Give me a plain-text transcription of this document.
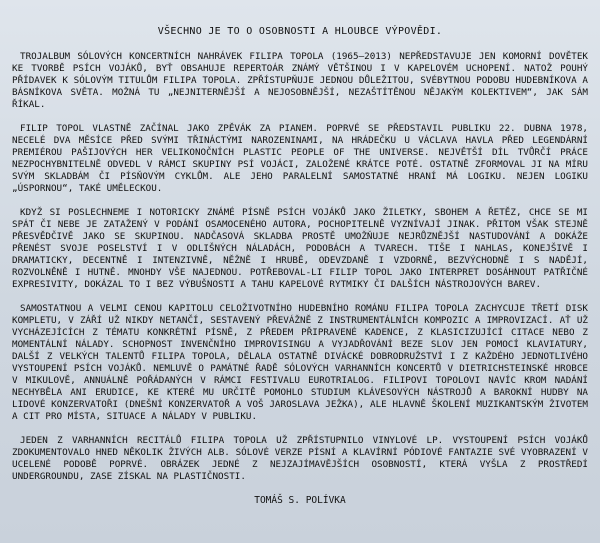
VŠECHNO JE TO O OSOBNOSTI A HLOUBCE VÝPOVĚDI.

TROJALBUM SÓLOVÝCH KONCERTNÍCH NAHRÁVEK FILIPA TOPOLA (1965–2013) NEPŘEDSTAVUJE JEN KOMORNÍ DOVĚTEK KE TVORBĚ PSÍCH VOJÁKŮ, BYŤ OBSAHUJE REPERTOÁR ZNÁMÝ VĚTŠINOU I V KAPELOVÉM UCHOPENÍ. NATOŽ POUHÝ PŘÍDAVEK K SÓLOVÝM TITULŮM FILIPA TOPOLA. ZPŘÍSTUPŇUJE JEDNOU DŮLEŽITOU, SVÉBYTNOU PODOBU HUDEBNÍKOVA A BÁSNÍKOVA SVĚTA. MOŽNÁ TU „NEJNITERNĚJŠÍ A NEJOSOBNĚJŠÍ, NEZAŠTÍTĚNOU NĚJAKÝM KOLEKTIVEM“, JAK SÁM ŘÍKAL.

FILIP TOPOL VLASTNĚ ZAČÍNAL JAKO ZPĚVÁK ZA PIANEM. POPRVÉ SE PŘEDSTAVIL PUBLIKU 22. DUBNA 1978, NECELÉ DVA MĚSÍCE PŘED SVÝMI TŘINÁCTÝMI NAROZENINAMI, NA HRÁDEČKU U VÁCLAVA HAVLA PŘED LEGENDÁRNÍ PREMIÉROU PAŠIJOVÝCH HER VELIKONOČNÍCH PLASTIC PEOPLE OF THE UNIVERSE. NEJVĚTŠÍ DÍL TVŮRČÍ PRÁCE NEZPOCHYBNITELNĚ ODVEDL V RÁMCI SKUPINY PSÍ VOJÁCI, ZALOŽENÉ KRÁTCE POTÉ. OSTATNĚ ZFORMOVAL JI NA MÍRU SVÝM SKLADBÁM ČI PÍSŇOVÝM CYKLŮM. ALE JEHO PARALELNÍ SAMOSTATNÉ HRANÍ MÁ LOGIKU. NEJEN LOGIKU „ÚSPORNOU“, TAKÉ UMĚLECKOU.

KDYŽ SI POSLECHNEME I NOTORICKY ZNÁMÉ PÍSNĚ PSÍCH VOJÁKŮ JAKO ŽILETKY, SBOHEM A ŘETĚZ, CHCE SE MI SPÁT ČI NEBE JE ZATAŽENÝ V PODÁNÍ OSAMOCENÉHO AUTORA, POCHOPITELNĚ VYZNÍVAJÍ JINAK. PŘITOM VŠAK STEJNĚ PŘESVĚDČIVĚ JAKO SE SKUPINOU. NADČASOVÁ SKLADBA PROSTĚ UMOŽŇUJE NEJRŮZNĚJŠÍ NASTUDOVÁNÍ A DOKÁŽE PŘENÉST SVOJE POSELSTVÍ I V ODLIŠNÝCH NÁLADÁCH, PODOBÁCH A TVARECH. TIŠE I NAHLAS, KONEJŠIVĚ I DRAMATICKY, DECENTNĚ I INTENZIVNĚ, NĚŽNĚ I HRUBĚ, ODEVZDANĚ I VZDORNĚ, BEZVÝCHODNĚ I S NADĚJÍ, ROZVOLNĚNĚ I HUTNĚ. MNOHDY VŠE NAJEDNOU. POTŘEBOVAL-LI FILIP TOPOL JAKO INTERPRET DOSÁHNOUT PATŘIČNÉ EXPRESIVITY, DOKÁZAL TO I BEZ VÝBUŠNOSTI A TAHU KAPELOVÉ RYTMIKY ČI DALŠÍCH NÁSTROJOVÝCH BAREV.

SAMOSTATNOU A VELMI CENOU KAPITOLU CELOŽIVOTNÍHO HUDEBNÍHO ROMÁNU FILIPA TOPOLA ZACHYCUJE TŘETÍ DISK KOMPLETU, V ZÁŘÍ UŽ NIKDY NETANČÍ, SESTAVENÝ PŘEVÁŽNĚ Z INSTRUMENTÁLNÍCH KOMPOZIC A IMPROVIZACÍ. AŤ UŽ VYCHÁZEJÍCÍCH Z TÉMATU KONKRÉTNÍ PÍSNĚ, Z PŘEDEM PŘIPRAVENÉ KADENCE, Z KLASICIZUJÍCÍ CITACE NEBO Z MOMENTÁLNÍ NÁLADY. SCHOPNOST INVENČNÍHO IMPROVISINGU A VYJADŘOVÁNÍ BEZE SLOV JEN POMOCÍ KLAVIATURY, DALŠÍ Z VELKÝCH TALENTŮ FILIPA TOPOLA, DĚLALA OSTATNĚ DIVÁCKÉ DOBRODRUŽSTVÍ I Z KAŽDÉHO JEDNOTLIVÉHO VYSTOUPENÍ PSÍCH VOJÁKŮ. NEMLUVĚ O PAMÁTNÉ ŘADĚ SÓLOVÝCH VARHANNÍCH KONCERTŮ V DIETRICHSTEINSKÉ HROBCE V MIKULOVĚ, ANNUÁLNĚ POŘÁDANÝCH V RÁMCI FESTIVALU EUROTRIALOG. FILIPOVI TOPOLOVI NAVÍC KROM NADÁNÍ NECHYBĚLA ANI ERUDICE, KE KTERÉ MU URČITĚ POMOHLO STUDIUM KLÁVESOVÝCH NÁSTROJŮ A BAROKNÍ HUDBY NA LIDOVÉ KONZERVATOŘI (DNEŠNÍ KONZERVATOŘ A VOŠ JAROSLAVA JEŽKA), ALE HLAVNĚ ŠKOLENÍ MUZIKANTSKÝM ŽIVOTEM A CIT PRO MÍSTA, SITUACE A NÁLADY V PUBLIKU.

JEDEN Z VARHANNÍCH RECITÁLŮ FILIPA TOPOLA UŽ ZPŘÍSTUPNILO VINYLOVÉ LP. VYSTOUPENÍ PSÍCH VOJÁKŮ ZDOKUMENTOVALO HNED NĚKOLIK ŽIVÝCH ALB. SÓLOVÉ VERZE PÍSNÍ A KLAVÍRNÍ PÓDIOVÉ FANTAZIE SVÉ VYOBRAZENÍ V UCELENÉ PODOBĚ POPRVÉ. OBRÁZEK JEDNÉ Z NEJZAJÍMAVĚJŠÍCH OSOBNOSTÍ, KTERÁ VYŠLA Z PROSTŘEDÍ UNDERGROUNDU, ZASE ZÍSKAL NA PLASTIČNOSTI.

TOMÁŠ S. POLÍVKA
